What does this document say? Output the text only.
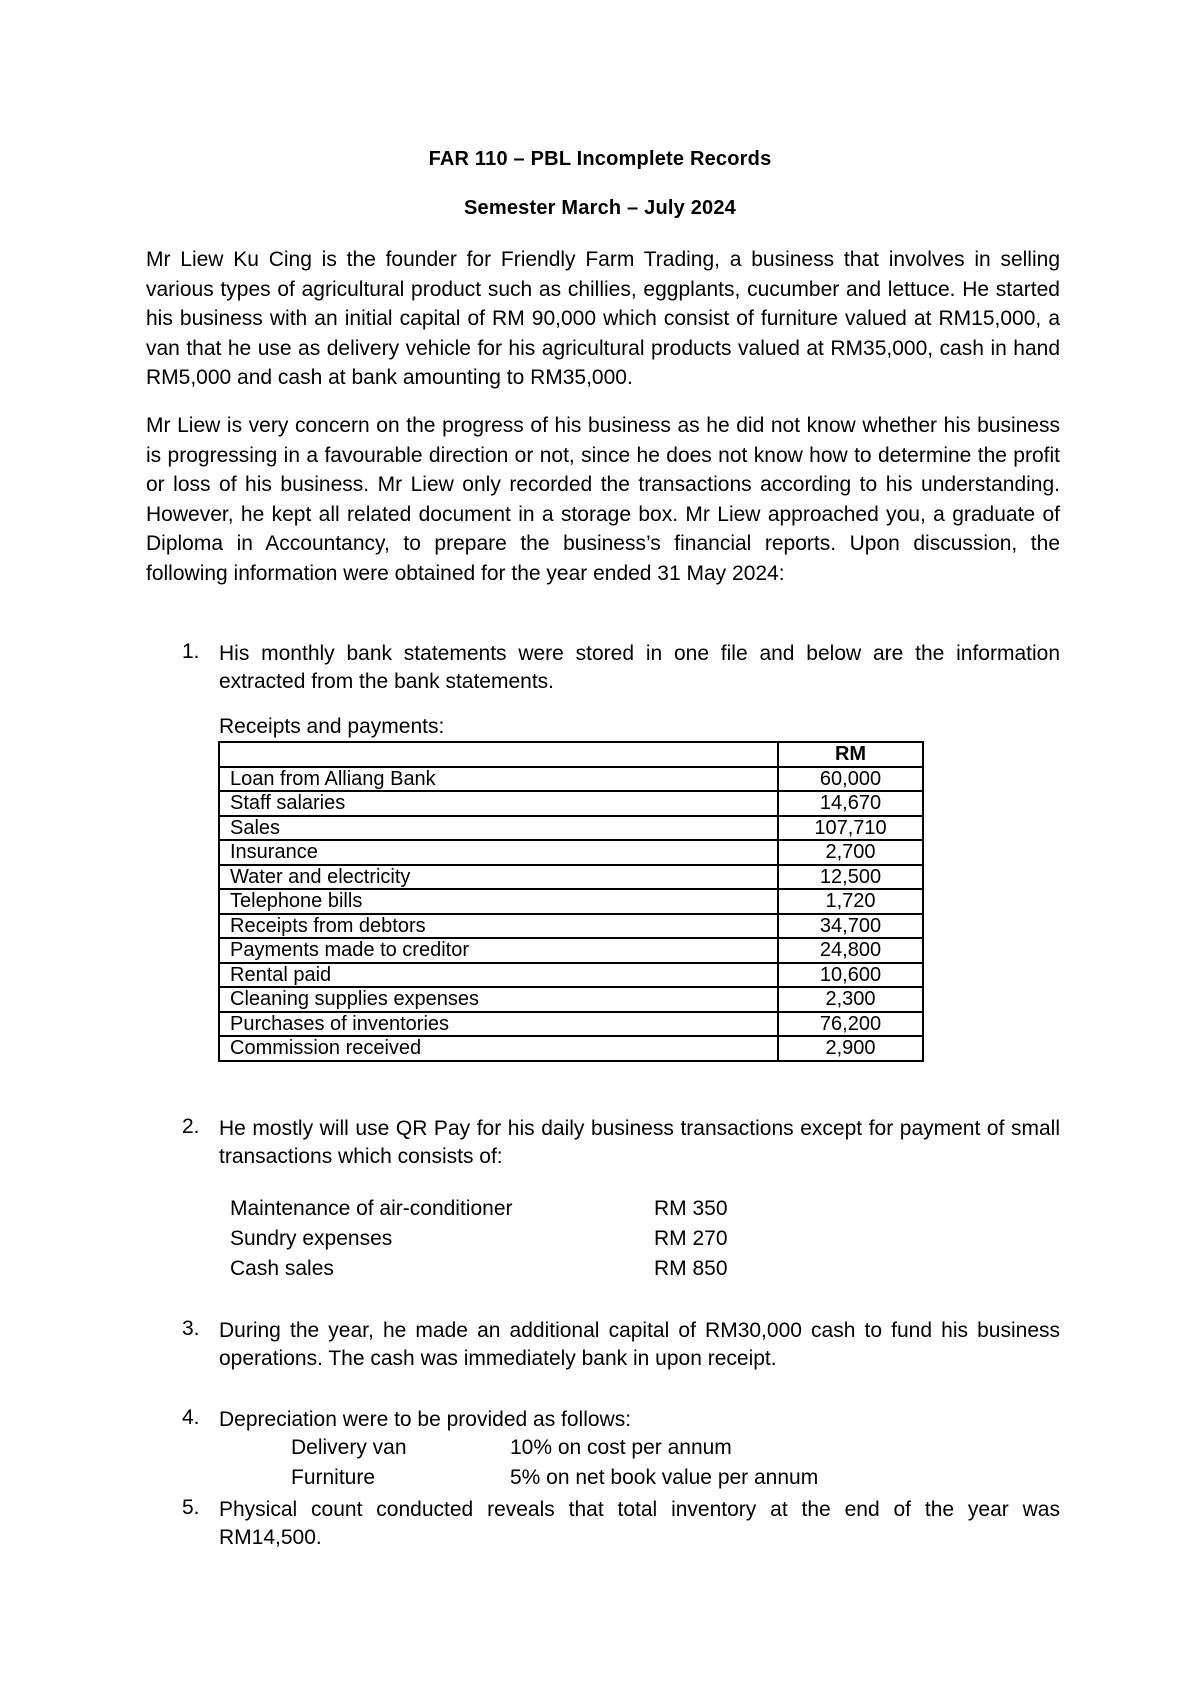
FAR 110 – PBL Incomplete Records
Semester March – July 2024
Mr Liew Ku Cing is the founder for Friendly Farm Trading, a business that involves in selling various types of agricultural product such as chillies, eggplants, cucumber and lettuce. He started his business with an initial capital of RM 90,000 which consist of furniture valued at RM15,000, a van that he use as delivery vehicle for his agricultural products valued at RM35,000, cash in hand RM5,000 and cash at bank amounting to RM35,000.
Mr Liew is very concern on the progress of his business as he did not know whether his business is progressing in a favourable direction or not, since he does not know how to determine the profit or loss of his business. Mr Liew only recorded the transactions according to his understanding. However, he kept all related document in a storage box. Mr Liew approached you, a graduate of Diploma in Accountancy, to prepare the business’s financial reports. Upon discussion, the following information were obtained for the year ended 31 May 2024:
1. His monthly bank statements were stored in one file and below are the information extracted from the bank statements.
Receipts and payments:
	RM
Loan from Alliang Bank	60,000
Staff salaries	14,670
Sales	107,710
Insurance	2,700
Water and electricity	12,500
Telephone bills	1,720
Receipts from debtors	34,700
Payments made to creditor	24,800
Rental paid	10,600
Cleaning supplies expenses	2,300
Purchases of inventories	76,200
Commission received	2,900
2. He mostly will use QR Pay for his daily business transactions except for payment of small transactions which consists of:
Maintenance of air-conditioner	RM 350
Sundry expenses	RM 270
Cash sales	RM 850
3. During the year, he made an additional capital of RM30,000 cash to fund his business operations. The cash was immediately bank in upon receipt.
4. Depreciation were to be provided as follows:
Delivery van	10% on cost per annum
Furniture	5% on net book value per annum
5. Physical count conducted reveals that total inventory at the end of the year was RM14,500.
